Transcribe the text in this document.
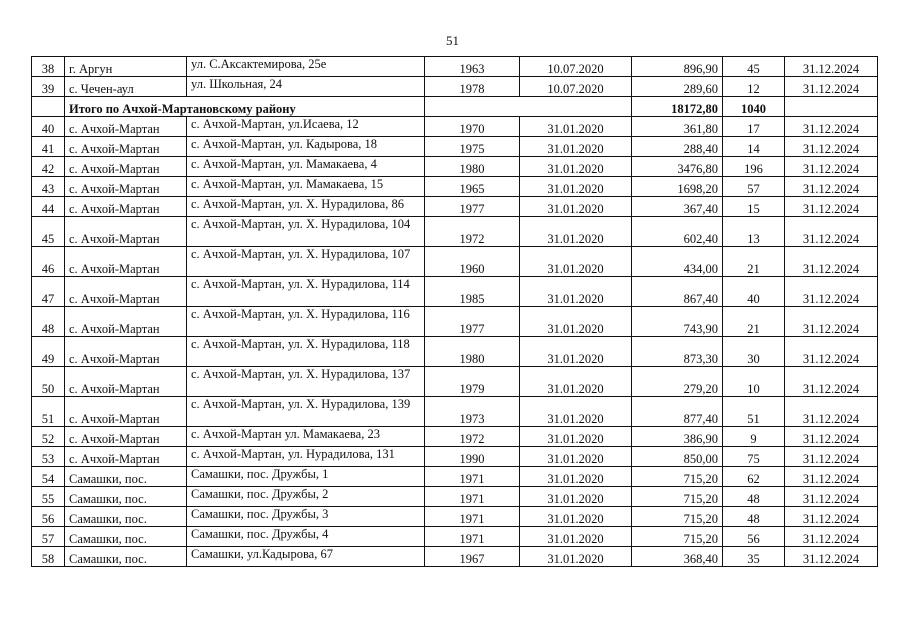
51
38	г. Аргун	ул. С.Аксактемирова, 25е	1963	10.07.2020	896,90	45	31.12.2024
39	с. Чечен-аул	ул. Школьная, 24	1978	10.07.2020	289,60	12	31.12.2024
	Итого по Ачхой-Мартановскому району				18172,80	1040	
40	с. Ачхой-Мартан	с. Ачхой-Мартан, ул.Исаева, 12	1970	31.01.2020	361,80	17	31.12.2024
41	с. Ачхой-Мартан	с. Ачхой-Мартан, ул. Кадырова, 18	1975	31.01.2020	288,40	14	31.12.2024
42	с. Ачхой-Мартан	с. Ачхой-Мартан, ул. Мамакаева, 4	1980	31.01.2020	3476,80	196	31.12.2024
43	с. Ачхой-Мартан	с. Ачхой-Мартан, ул. Мамакаева, 15	1965	31.01.2020	1698,20	57	31.12.2024
44	с. Ачхой-Мартан	с. Ачхой-Мартан, ул. Х. Нурадилова, 86	1977	31.01.2020	367,40	15	31.12.2024
45	с. Ачхой-Мартан	с. Ачхой-Мартан, ул. Х. Нурадилова, 104	1972	31.01.2020	602,40	13	31.12.2024
46	с. Ачхой-Мартан	с. Ачхой-Мартан, ул. Х. Нурадилова, 107	1960	31.01.2020	434,00	21	31.12.2024
47	с. Ачхой-Мартан	с. Ачхой-Мартан, ул. Х. Нурадилова, 114	1985	31.01.2020	867,40	40	31.12.2024
48	с. Ачхой-Мартан	с. Ачхой-Мартан, ул. Х. Нурадилова, 116	1977	31.01.2020	743,90	21	31.12.2024
49	с. Ачхой-Мартан	с. Ачхой-Мартан, ул. Х. Нурадилова, 118	1980	31.01.2020	873,30	30	31.12.2024
50	с. Ачхой-Мартан	с. Ачхой-Мартан, ул. Х. Нурадилова, 137	1979	31.01.2020	279,20	10	31.12.2024
51	с. Ачхой-Мартан	с. Ачхой-Мартан, ул. Х. Нурадилова, 139	1973	31.01.2020	877,40	51	31.12.2024
52	с. Ачхой-Мартан	с. Ачхой-Мартан ул. Мамакаева, 23	1972	31.01.2020	386,90	9	31.12.2024
53	с. Ачхой-Мартан	с. Ачхой-Мартан, ул. Нурадилова, 131	1990	31.01.2020	850,00	75	31.12.2024
54	Самашки, пос.	Самашки, пос. Дружбы, 1	1971	31.01.2020	715,20	62	31.12.2024
55	Самашки, пос.	Самашки, пос. Дружбы, 2	1971	31.01.2020	715,20	48	31.12.2024
56	Самашки, пос.	Самашки, пос. Дружбы, 3	1971	31.01.2020	715,20	48	31.12.2024
57	Самашки, пос.	Самашки, пос. Дружбы, 4	1971	31.01.2020	715,20	56	31.12.2024
58	Самашки, пос.	Самашки, ул.Кадырова, 67	1967	31.01.2020	368,40	35	31.12.2024
